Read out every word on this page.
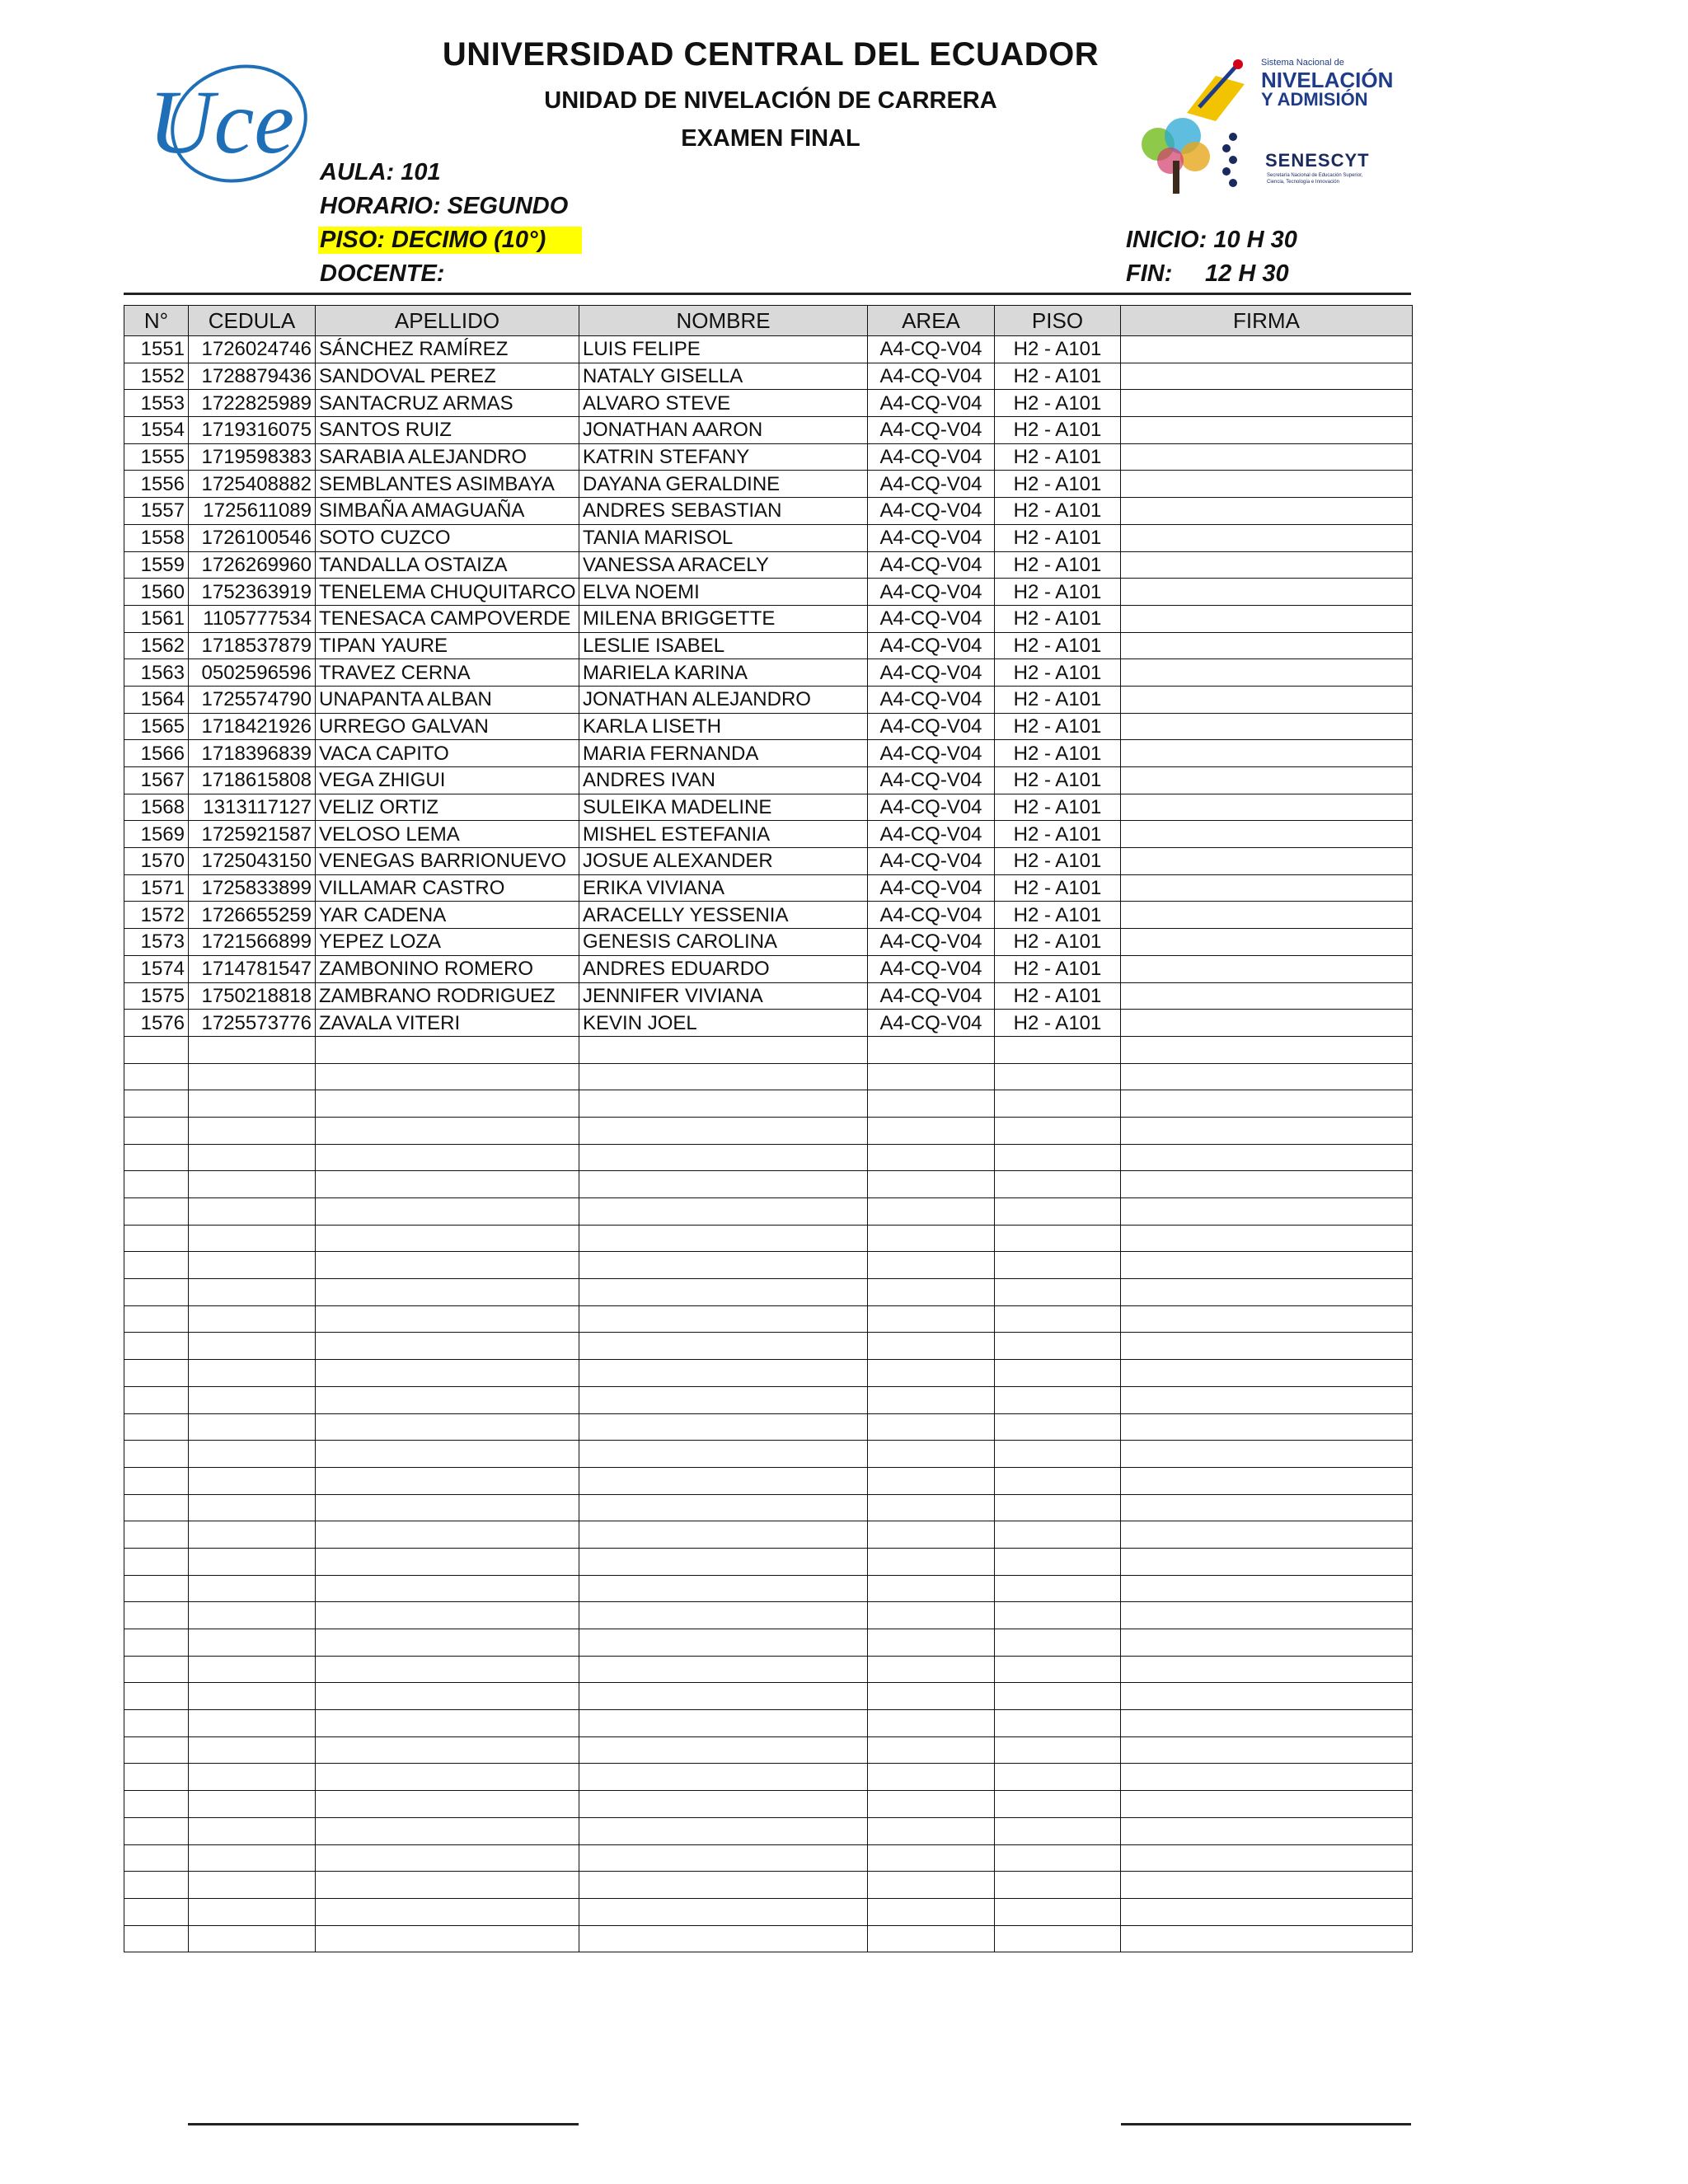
Uce
Sistema Nacional de
NIVELACIÓN
Y ADMISIÓN
SENESCYT
Secretaría Nacional de Educación Superior,
Ciencia, Tecnología e Innovación
UNIVERSIDAD CENTRAL DEL ECUADOR
UNIDAD DE NIVELACIÓN DE CARRERA
EXAMEN FINAL
AULA: 101
HORARIO: SEGUNDO
PISO: DECIMO (10°)
DOCENTE:
INICIO: 10 H 30
FIN: 12 H 30
N°	CEDULA	APELLIDO	NOMBRE	AREA	PISO	FIRMA
1551	1726024746	SÁNCHEZ RAMÍREZ	LUIS FELIPE	A4-CQ-V04	H2 - A101	
1552	1728879436	SANDOVAL PEREZ	NATALY GISELLA	A4-CQ-V04	H2 - A101	
1553	1722825989	SANTACRUZ ARMAS	ALVARO STEVE	A4-CQ-V04	H2 - A101	
1554	1719316075	SANTOS RUIZ	JONATHAN AARON	A4-CQ-V04	H2 - A101	
1555	1719598383	SARABIA ALEJANDRO	KATRIN STEFANY	A4-CQ-V04	H2 - A101	
1556	1725408882	SEMBLANTES ASIMBAYA	DAYANA GERALDINE	A4-CQ-V04	H2 - A101	
1557	1725611089	SIMBAÑA AMAGUAÑA	ANDRES SEBASTIAN	A4-CQ-V04	H2 - A101	
1558	1726100546	SOTO CUZCO	TANIA MARISOL	A4-CQ-V04	H2 - A101	
1559	1726269960	TANDALLA OSTAIZA	VANESSA ARACELY	A4-CQ-V04	H2 - A101	
1560	1752363919	TENELEMA CHUQUITARCO	ELVA NOEMI	A4-CQ-V04	H2 - A101	
1561	1105777534	TENESACA CAMPOVERDE	MILENA BRIGGETTE	A4-CQ-V04	H2 - A101	
1562	1718537879	TIPAN YAURE	LESLIE ISABEL	A4-CQ-V04	H2 - A101	
1563	0502596596	TRAVEZ CERNA	MARIELA KARINA	A4-CQ-V04	H2 - A101	
1564	1725574790	UNAPANTA ALBAN	JONATHAN ALEJANDRO	A4-CQ-V04	H2 - A101	
1565	1718421926	URREGO GALVAN	KARLA LISETH	A4-CQ-V04	H2 - A101	
1566	1718396839	VACA CAPITO	MARIA FERNANDA	A4-CQ-V04	H2 - A101	
1567	1718615808	VEGA ZHIGUI	ANDRES IVAN	A4-CQ-V04	H2 - A101	
1568	1313117127	VELIZ ORTIZ	SULEIKA MADELINE	A4-CQ-V04	H2 - A101	
1569	1725921587	VELOSO LEMA	MISHEL ESTEFANIA	A4-CQ-V04	H2 - A101	
1570	1725043150	VENEGAS BARRIONUEVO	JOSUE ALEXANDER	A4-CQ-V04	H2 - A101	
1571	1725833899	VILLAMAR CASTRO	ERIKA VIVIANA	A4-CQ-V04	H2 - A101	
1572	1726655259	YAR CADENA	ARACELLY YESSENIA	A4-CQ-V04	H2 - A101	
1573	1721566899	YEPEZ LOZA	GENESIS CAROLINA	A4-CQ-V04	H2 - A101	
1574	1714781547	ZAMBONINO ROMERO	ANDRES EDUARDO	A4-CQ-V04	H2 - A101	
1575	1750218818	ZAMBRANO RODRIGUEZ	JENNIFER VIVIANA	A4-CQ-V04	H2 - A101	
1576	1725573776	ZAVALA VITERI	KEVIN JOEL	A4-CQ-V04	H2 - A101	
